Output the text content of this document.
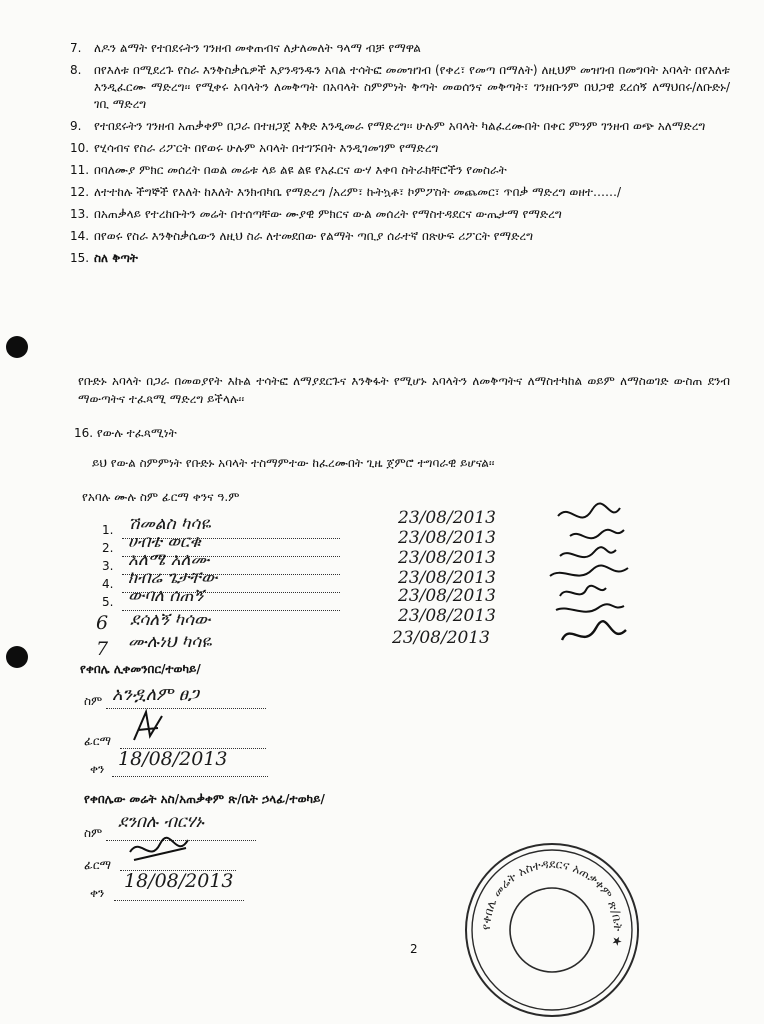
7.	ለዶን ልማት የተበደሩትን ገንዘብ መቀጠብና ለታለመለት ዓላማ ብቻ የማዋል
8.	በየእለቱ በሚደረጉ የስራ እንቅስቃሴዎች እያንዳንዱን አባል ተሳትፎ መመዝገብ (የቀረ፣ የመጣ በማለት) ለዚህም መዝገብ በመግባት አባላት በየእለቱ እንዲፈርሙ ማድረግ፡፡ የሚቀሩ አባላትን ለመቅጣት በአባላት ስምምነት ቅጣት መወሰንና መቅጣት፣ ገንዘቡንም በህጋዊ ደረሰኝ ለማህበሩ/ለቡድኑ/ ገቢ ማድረግ
9.	የተበደሩትን ገንዘብ አጠቃቀም በጋራ በተዘጋጀ እቅድ እንዲመራ የማድረግ፡፡ ሁሉም አባላት ካልፈረሙበት በቀር ምንም ገንዘብ ወጭ አለማድረግ
10. የሂሳብና የስራ ሪፖርት በየወሩ ሁሉም አባላት በተገኙበት እንዲገመገም የማድረግ
11. በባለሙያ ምክር መሰረት በወል መሬቱ ላይ ልዩ ልዩ የአፈርና ውሃ እቀባ ስትራክቸሮችን የመስራት
12. ለተተከሉ ችግኞች የእለት ከእለት እንክብካቤ የማድረግ /አረም፣ ኩትኳቶ፣ ኮምፖስት መጨመር፣ ጥበቃ ማድረግ ወዘተ……/
13. በአጠቃላይ የተረከቡትን መሬት በተሰጣቸው ሙያዊ ምክርና ውል መሰረት የማስተዳደርና ውጤታማ የማድረግ
14. በየወሩ የስራ እንቅስቃሴውን ለዚህ ስራ ለተመደበው የልማት ጣቢያ ሰራተኛ በጽሁፍ ሪፖርት የማድረግ
15. ስለ ቅጣት
የቡድኑ አባላት በጋራ በመወያየት እኩል ተሳትፎ ለማያደርጉና እንቅፋት የሚሆኑ አባላትን ለመቅጣትና ለማስተካከል ወይም ለማስወገድ ውስጠ ደንብ ማውጣትና ተፈጻሚ ማድረግ ይችላሉ፡፡
16. የውሉ ተፈጻሚነት
ይህ የውል ስምምነት የቡድኑ አባላት ተስማምተው ከፈረሙበት ጊዜ ጀምሮ ተግባራዊ ይሆናል፡፡
የአባሉ ሙሉ ስም ፊርማ ቀንና ዓ.ም
1. ሽመልስ ካሳዬ	23/08/2013
2. ሀብቴ ወርቁ	23/08/2013
3. አለሜ አለሙ	23/08/2013
4. ክብሬ ጌታቸው	23/08/2013
5. ውባለ ሰጠኝ	23/08/2013
6 ደሳለኝ ካሳው	23/08/2013
7 ሙሉነህ ካሳዬ	23/08/2013
የቀበሌ ሊቀመንበር/ተወካይ/
ስም አንዷለም ፀጋ
ፊርማ
ቀን 18/08/2013
የቀበሌው መሬት አስ/አጠቃቀም ጽ/ቤት ኃላፊ/ተወካይ/
ስም
ደንበሉ ብርሃኑ
ፊርማ
ቀን
18/08/2013
2
የቀበሌ መሬት አስተዳደርና አጠቃቀም ጽ/ቤት ★
